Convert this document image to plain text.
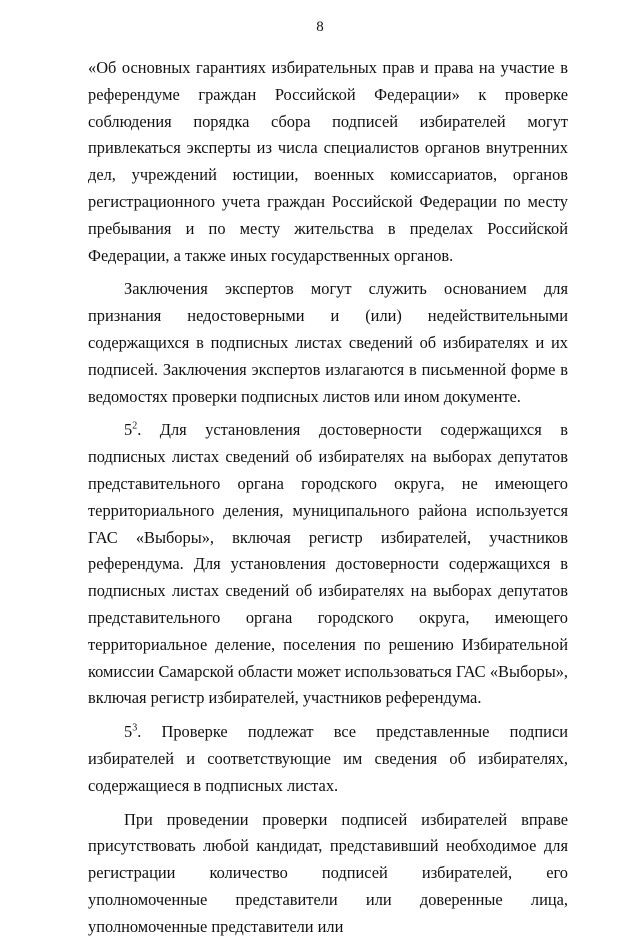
8

«Об основных гарантиях избирательных прав и права на участие в референдуме граждан Российской Федерации» к проверке соблюдения порядка сбора подписей избирателей могут привлекаться эксперты из числа специалистов органов внутренних дел, учреждений юстиции, военных комиссариатов, органов регистрационного учета граждан Российской Федерации по месту пребывания и по месту жительства в пределах Российской Федерации, а также иных государственных органов.

Заключения экспертов могут служить основанием для признания недостоверными и (или) недействительными содержащихся в подписных листах сведений об избирателях и их подписей. Заключения экспертов излагаются в письменной форме в ведомостях проверки подписных листов или ином документе.

$5^2$. Для установления достоверности содержащихся в подписных листах сведений об избирателях на выборах депутатов представительного органа городского округа, не имеющего территориального деления, муниципального района используется ГАС «Выборы», включая регистр избирателей, участников референдума. Для установления достоверности содержащихся в подписных листах сведений об избирателях на выборах депутатов представительного органа городского округа, имеющего территориальное деление, поселения по решению Избирательной комиссии Самарской области может использоваться ГАС «Выборы», включая регистр избирателей, участников референдума.

$5^3$. Проверке подлежат все представленные подписи избирателей и соответствующие им сведения об избирателях, содержащиеся в подписных листах.

При проведении проверки подписей избирателей вправе присутствовать любой кандидат, представивший необходимое для регистрации количество подписей избирателей, его уполномоченные представители или доверенные лица, уполномоченные представители или
